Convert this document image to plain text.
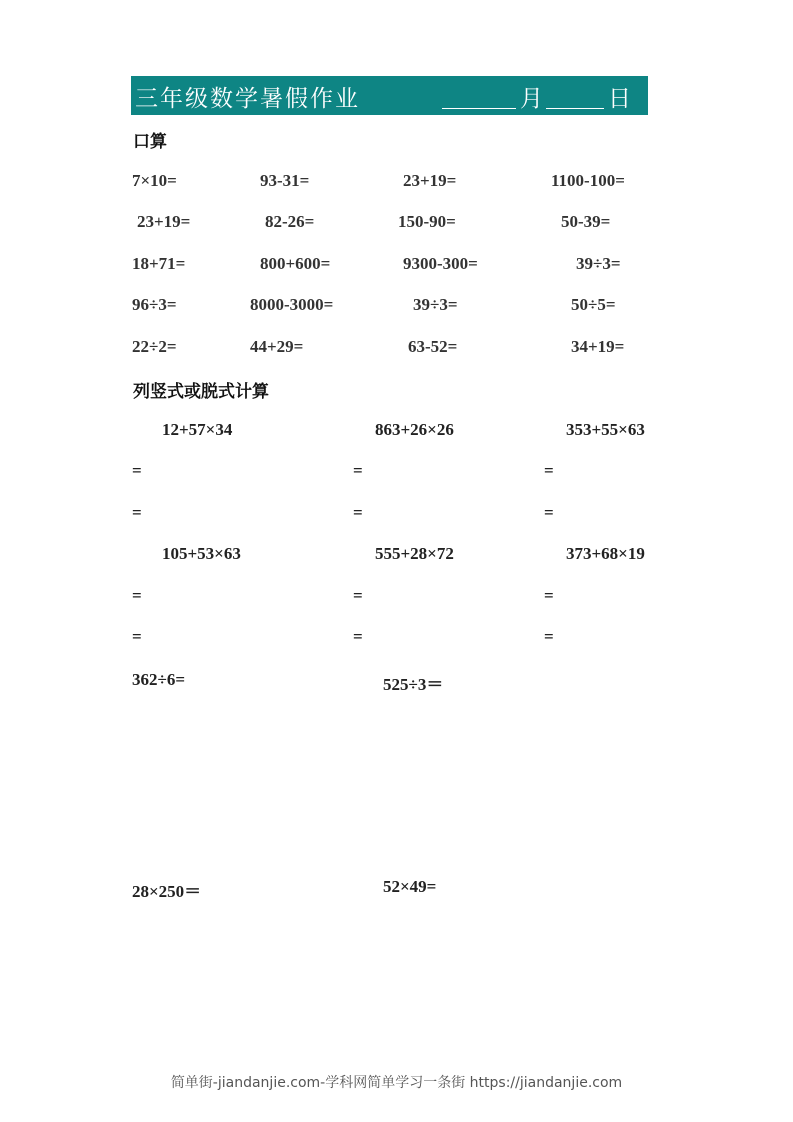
三年级数学暑假作业	月	日
口算
7×10=	93-31=	23+19=	1100-100=
23+19=	82-26=	150-90=	50-39=
18+71=	800+600=	9300-300=	39÷3=
96÷3=	8000-3000=	39÷3=	50÷5=
22÷2=	44+29=	63-52=	34+19=
列竖式或脱式计算
12+57×34	863+26×26	353+55×63
=	=	=
=	=	=
105+53×63	555+28×72	373+68×19
=	=	=
=	=	=
362÷6=	525÷3＝
28×250＝	52×49=
简单街-jiandanjie.com-学科网简单学习一条街 https://jiandanjie.com
